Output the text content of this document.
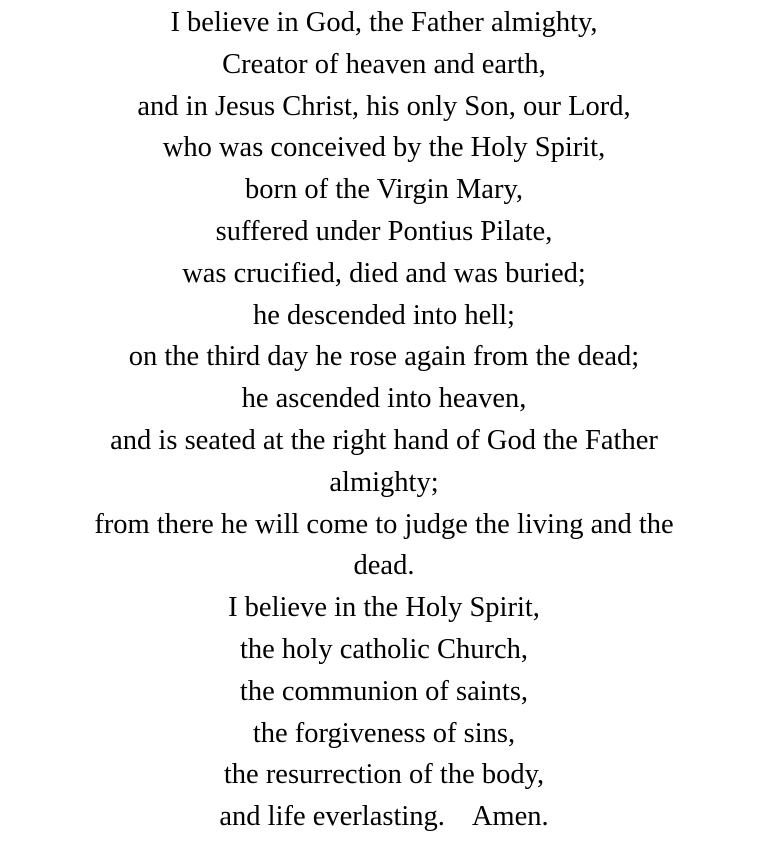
I believe in God, the Father almighty,
Creator of heaven and earth,
and in Jesus Christ, his only Son, our Lord,
who was conceived by the Holy Spirit,
born of the Virgin Mary,
suffered under Pontius Pilate,
was crucified, died and was buried;
he descended into hell;
on the third day he rose again from the dead;
he ascended into heaven,
and is seated at the right hand of God the Father
almighty;
from there he will come to judge the living and the
dead.
I believe in the Holy Spirit,
the holy catholic Church,
the communion of saints,
the forgiveness of sins,
the resurrection of the body,
and life everlasting.    Amen.
